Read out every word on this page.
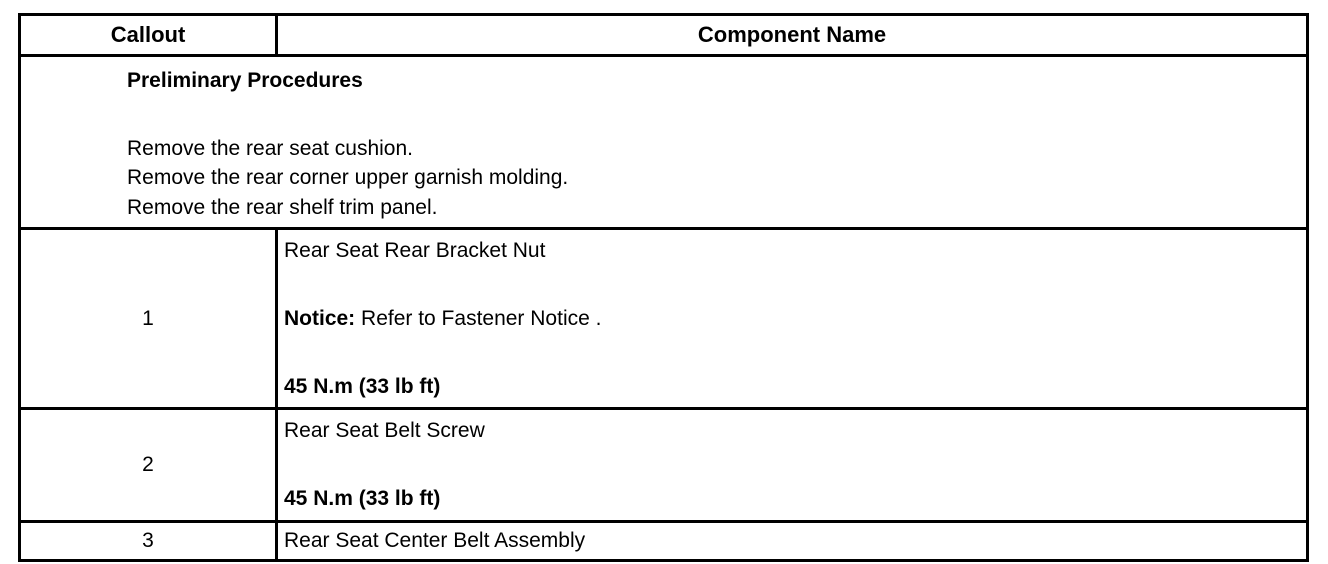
Callout	Component Name

Preliminary Procedures
Remove the rear seat cushion.
Remove the rear corner upper garnish molding.
Remove the rear shelf trim panel.	

1	Rear Seat Rear Bracket Nut
Notice: Refer to Fastener Notice .
45 N.m (33 lb ft)

2	Rear Seat Belt Screw
45 N.m (33 lb ft)

3	Rear Seat Center Belt Assembly
